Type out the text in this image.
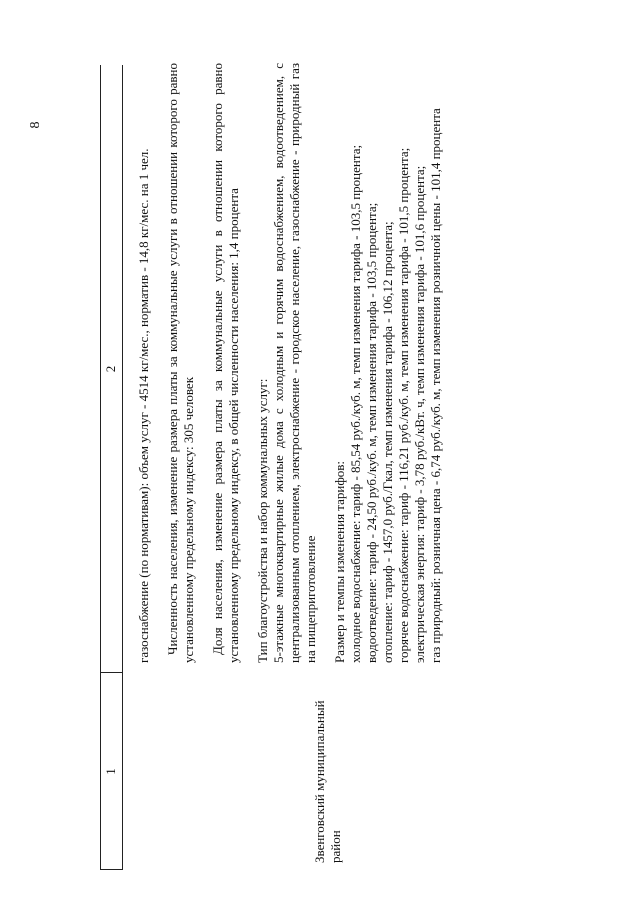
8
1
2
Звенговский муниципальный район

газоснабжение (по нормативам): объем услуг - 4514 кг/мес., норматив - 14,8 кг/мес. на 1 чел. Численность населения, изменение размера платы за коммунальные услуги в отношении которого равно установленному предельному индексу: 305 человек Доля населения, изменение размера платы за коммунальные услуги в отношении которого равно установленному предельному индексу, в общей численности населения: 1,4 процента Тип благоустройства и набор коммунальных услуг: 5-этажные многоквартирные жилые дома с холодным и горячим водоснабжением, водоотведением, с централизованным отоплением, электроснабжение - городское население, газоснабжение - природный газ на пищеприготовление Размер и темпы изменения тарифов: холодное водоснабжение: тариф - 85,54 руб./куб. м, темп изменения тарифа - 103,5 процента; водоотведение: тариф - 24,50 руб./куб. м, темп изменения тарифа - 103,5 процента; отопление: тариф - 1457,0 руб./Гкал, темп изменения тарифа - 106,12 процента; горячее водоснабжение: тариф - 116,21 руб./куб. м, темп изменения тарифа - 101,5 процента; электрическая энергия: тариф - 3,78 руб./кВт. ч, темп изменения тарифа - 101,6 процента; газ природный: розничная цена - 6,74 руб./куб. м, темп изменения розничной цены - 101,4 процента
